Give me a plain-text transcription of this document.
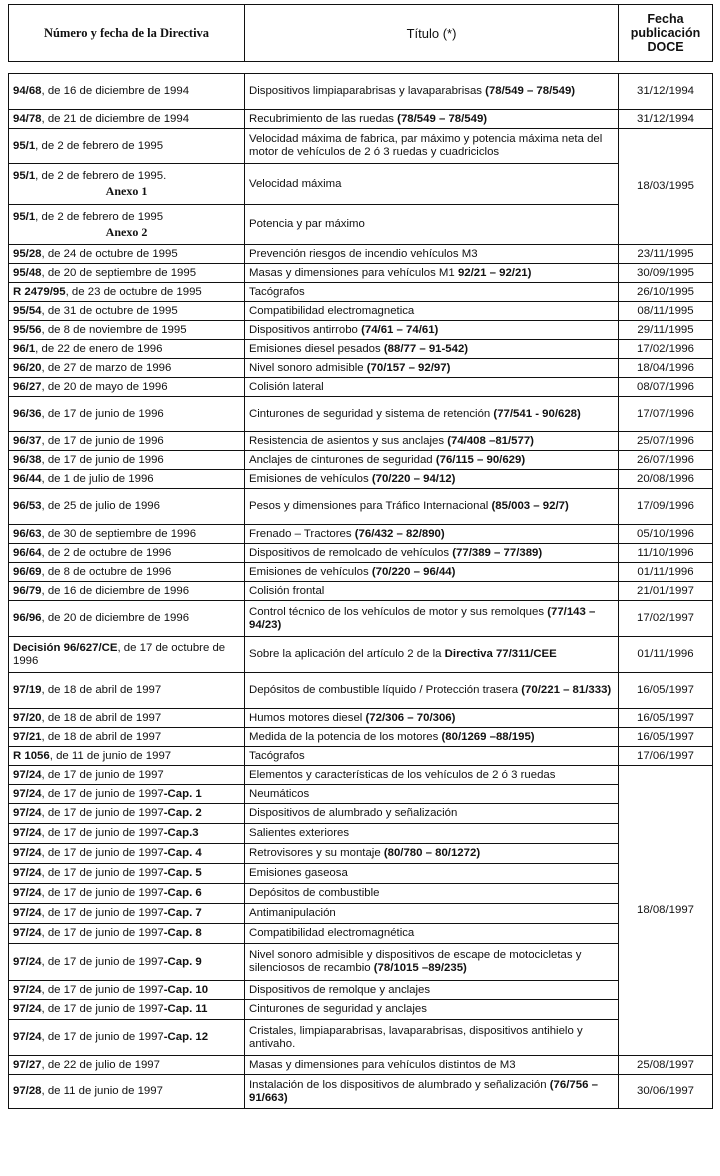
Número y fecha de la Directiva	Título (*)	Fecha
publicación
DOCE
94/68, de 16 de diciembre de 1994	Dispositivos limpiaparabrisas y lavaparabrisas (78/549 – 78/549)	31/12/1994
94/78, de 21 de diciembre de 1994	Recubrimiento de las ruedas (78/549 – 78/549)	31/12/1994
95/1, de 2 de febrero de 1995	Velocidad máxima de fabrica, par máximo y potencia máxima neta del motor de vehículos de 2 ó 3 ruedas y cuadriciclos	18/03/1995
95/1, de 2 de febrero de 1995.
Anexo 1	Velocidad máxima	
95/1, de 2 de febrero de 1995
Anexo 2	Potencia y par máximo	
95/28, de 24 de octubre de 1995	Prevención riesgos de incendio vehículos M3	23/11/1995
95/48, de 20 de septiembre de 1995	Masas y dimensiones para vehículos M1 92/21 – 92/21)	30/09/1995
R 2479/95, de 23 de octubre de 1995	Tacógrafos	26/10/1995
95/54, de 31 de octubre de 1995	Compatibilidad electromagnetica	08/11/1995
95/56, de 8 de noviembre de 1995	Dispositivos antirrobo (74/61 – 74/61)	29/11/1995
96/1, de 22 de enero de 1996	Emisiones diesel pesados (88/77 – 91-542)	17/02/1996
96/20, de 27 de marzo de 1996	Nivel sonoro admisible (70/157 – 92/97)	18/04/1996
96/27, de 20 de mayo de 1996	Colisión lateral	08/07/1996
96/36, de 17 de junio de 1996	Cinturones de seguridad y sistema de retención (77/541 - 90/628)	17/07/1996
96/37, de 17 de junio de 1996	Resistencia de asientos y sus anclajes (74/408 –81/577)	25/07/1996
96/38, de 17 de junio de 1996	Anclajes de cinturones de seguridad (76/115 – 90/629)	26/07/1996
96/44, de 1 de julio de 1996	Emisiones de vehículos (70/220 – 94/12)	20/08/1996
96/53, de 25 de julio de 1996	Pesos y dimensiones para Tráfico Internacional (85/003 – 92/7)	17/09/1996
96/63, de 30 de septiembre de 1996	Frenado – Tractores (76/432 – 82/890)	05/10/1996
96/64, de 2 de octubre de 1996	Dispositivos de remolcado de vehículos (77/389 – 77/389)	11/10/1996
96/69, de 8 de octubre de 1996	Emisiones de vehículos (70/220 – 96/44)	01/11/1996
96/79, de 16 de diciembre de 1996	Colisión frontal	21/01/1997
96/96, de 20 de diciembre de 1996	Control técnico de los vehículos de motor y sus remolques (77/143 –94/23)	17/02/1997
Decisión 96/627/CE, de 17 de octubre de 1996	Sobre la aplicación del artículo 2 de la Directiva 77/311/CEE	01/11/1996
97/19, de 18 de abril de 1997	Depósitos de combustible líquido / Protección trasera (70/221 – 81/333)	16/05/1997
97/20, de 18 de abril de 1997	Humos motores diesel (72/306 – 70/306)	16/05/1997
97/21, de 18 de abril de 1997	Medida de la potencia de los motores (80/1269 –88/195)	16/05/1997
R 1056, de 11 de junio de 1997	Tacógrafos	17/06/1997
97/24, de 17 de junio de 1997	Elementos y características de los vehículos de 2 ó 3 ruedas	18/08/1997
97/24, de 17 de junio de 1997-Cap. 1	Neumáticos	
97/24, de 17 de junio de 1997-Cap. 2	Dispositivos de alumbrado y señalización	
97/24, de 17 de junio de 1997-Cap.3	Salientes exteriores	
97/24, de 17 de junio de 1997-Cap. 4	Retrovisores y su montaje (80/780 – 80/1272)	
97/24, de 17 de junio de 1997-Cap. 5	Emisiones gaseosa	
97/24, de 17 de junio de 1997-Cap. 6	Depósitos de combustible	
97/24, de 17 de junio de 1997-Cap. 7	Antimanipulación	
97/24, de 17 de junio de 1997-Cap. 8	Compatibilidad electromagnética	
97/24, de 17 de junio de 1997-Cap. 9	Nivel sonoro admisible y dispositivos de escape de motocicletas y silenciosos de recambio (78/1015 –89/235)	
97/24, de 17 de junio de 1997-Cap. 10	Dispositivos de remolque y anclajes	
97/24, de 17 de junio de 1997-Cap. 11	Cinturones de seguridad y anclajes	
97/24, de 17 de junio de 1997-Cap. 12	Cristales, limpiaparabrisas, lavaparabrisas, dispositivos antihielo y antivaho.	
97/27, de 22 de julio de 1997	Masas y dimensiones para vehículos distintos de M3	25/08/1997
97/28, de 11 de junio de 1997	Instalación de los dispositivos de alumbrado y señalización (76/756 – 91/663)	30/06/1997
